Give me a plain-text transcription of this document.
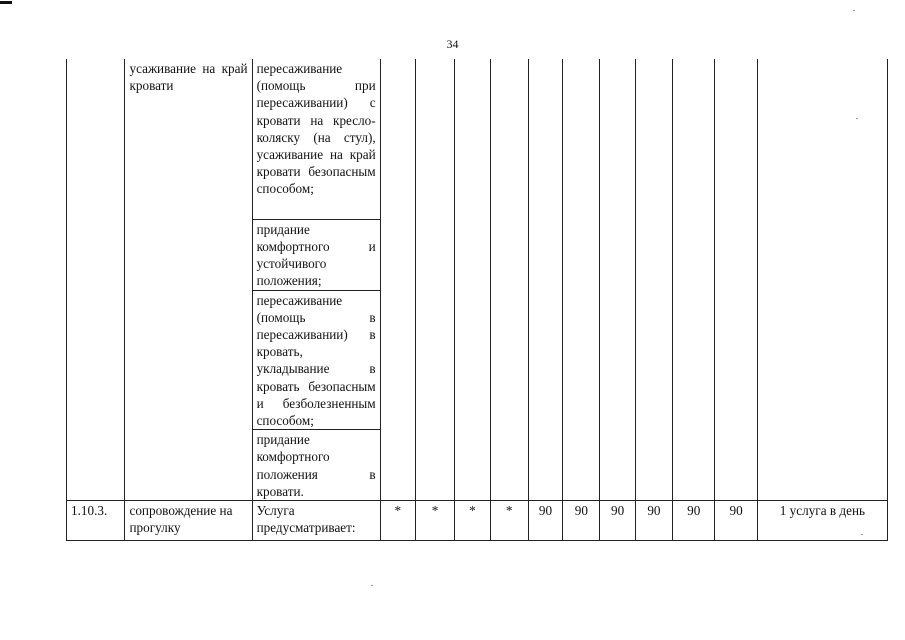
34

	усаживание на край кровати	пересаживание (помощь при пересаживании) с кровати на кресло-коляску (на стул), усаживание на край кровати безопасным способом;											

		придание комфортного и устойчивого положения;											

		пересаживание (помощь в пересаживании) в кровать, укладывание в кровать безопасным и безболезненным способом;											

		придание комфортного положения в кровати.											

1.10.3.	сопровождение на прогулку	Услуга предусматривает:	*	*	*	*	90	90	90	90	90	90	1 услуга в день
